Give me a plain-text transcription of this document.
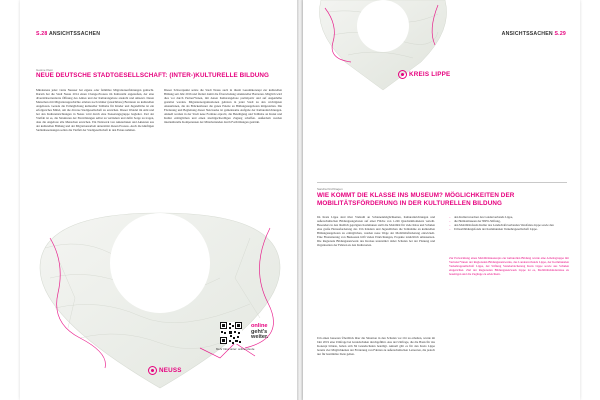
S.28 ANSICHTSSACHEN
Gesine Klein
NEUE DEUTSCHE STADTGESELLSCHAFT: (INTER-)KULTURELLE BILDUNG
Mindestens jeder vierte Neusser hat eigene oder familiäre Migrationserfahrungen gemacht. Darum hat die Stadt Neuss 2014 einen Change-Prozess im Kulturamt angestoßen, der eine diversitätsorientierte Öffnung des Amtes und der Kulturangebote anstrebt und umsetzt. Deren Menschen mit Migrationsgeschichte erleben noch immer (unsichtbare) Barrieren zu kulturellen Angeboten. Gerade die Ermöglichung kultureller Teilhabe für Kinder und Jugendliche ist ein erfolgreiches Mittel, um die diverse Stadtgesellschaft zu erreichen. Dieser Wandel im Amt und bei den Kultureinrichtungen in Neuss wird durch eine Steuerungsgruppe begleitet. Ziel der Vielfalt ist es, die Strukturen der Einrichtungen selbst zu verändern und dafür Sorge zu tragen, dass die Angebote alle Menschen erreichen. Ein Netzwerk von Akteurinnen und Akteuren aus der kulturellen Bildung und der Migrationsarbeit unterstützt diesen Prozess. Auch die künftigen Stellenbesetzungen sollen die Vielfalt der Stadtgesellschaft in den Fokus nehmen.
Dieser Schwerpunkt setzte die Stadt Neuss auch in ihrem Gesamtkonzept zur kulturellen Bildung seit Jahr 2016 und fördert damit die Überwindung struktureller Barrieren. Möglich wird dies vor durch Partner*innen, mit denen Kulturangebote partizipativ und auf Augenhöhe gestaltet werden. Migrantenorganisationen gehören in jeder Stadt zu den wichtigsten Akteurinnen, die als Brückenbauer die ganze Palette an Bildungsangeboten mitgestalten. Die Förderung und Begleitung dieser Netzwerke ist gemeinsame Aufgabe der Kultureinrichtungen. Aktuell werden in der Stadt neue Formate erprobt, die Beteiligung und Teilhabe an Kunst und Kultur ermöglichen und einen niedrigschwelligen Zugang schaffen. Außerdem werden interkulturelle Kompetenzen der Mitarbeitenden durch Fortbildungen gestärkt.
NEUSS
Mehr Infos unter: online.nrw.de
online
geht's
weiter.
ANSICHTSSACHEN S.29
KREIS LIPPE
Sandra Kirchhagen
WIE KOMMT DIE KLASSE INS MUSEUM? MÖGLICHKEITEN DER MOBILITÄTSFÖRDERUNG IN DER KULTURELLEN BILDUNG
Im Kreis Lippe sind über Vielzahl an Schienenmöglichkeiten, Kultureinrichtungen und außerschulischen Bildungsangeboten auf einer Fläche von 1.246 Quadratkilometern verteilt. Besonders in den ländlich geprägten Kommunen stellt die Mobilität für viele Kitas und Schulen eine große Herausforderung dar. Um Kindern und Jugendlichen die Teilnahme an kulturellen Bildungsangeboten zu ermöglichen, wurden neue Wege der Mobilitätsförderung entwickelt. Eine Finanzierung von Buskosten hilft vielen Einrichtungen, Projekte tatsächlich umzusetzen. Die Regionale Bildungsnetzwerk des Kreises unterstützt dabei Schulen bei der Planung und Organisation der Fahrten zu den Kulturorten.
Um einen besseren Überblick über die Situation in den Schulen vor Ort zu erhalten, wurde im Jahr 2019 eine Umfrage bei Grundschulen durchgeführt. Aus der Umfrage, die die Basis für das Konzept bildete, haben sich 84 Grundschulen beteiligt. Aktuell gibt es für den Kreis Lippe bereits vier Möglichkeiten der Förderung von Fahrten zu außerschulischen Lernorten, die jedoch nur für bestimmte Ziele gelten.
– den Kulturverordner des Landesverbands Lippe,
– die Heimatmuseen der NRW-Stiftung,
– den Mobilitätsfonds Kultur des Landschaftsverbandes Westfalen-Lippe sowie den
– Umweltbildungsfonds der Kommunalen Verkehrsgesellschaft Lippe.
Zur Entwicklung eines Mobilitätskonzepts zur kulturellen Bildung wurde eine Arbeitsgruppe mit Vertreter*innen der Regionalen Bildungsnetzwerks, des Landesverbands Lippe, der Kommunalen Verkehrsgesellschaft Lippe, der Stiftung Standortsicherung Kreis Lippe sowie aus Schulen eingerichtet. Ziel der Regionalen Bildungsnetzwerk Lippe ist es, Mobilitätshindernisse zu beseitigen und die Zugänge zu erleichtern.
